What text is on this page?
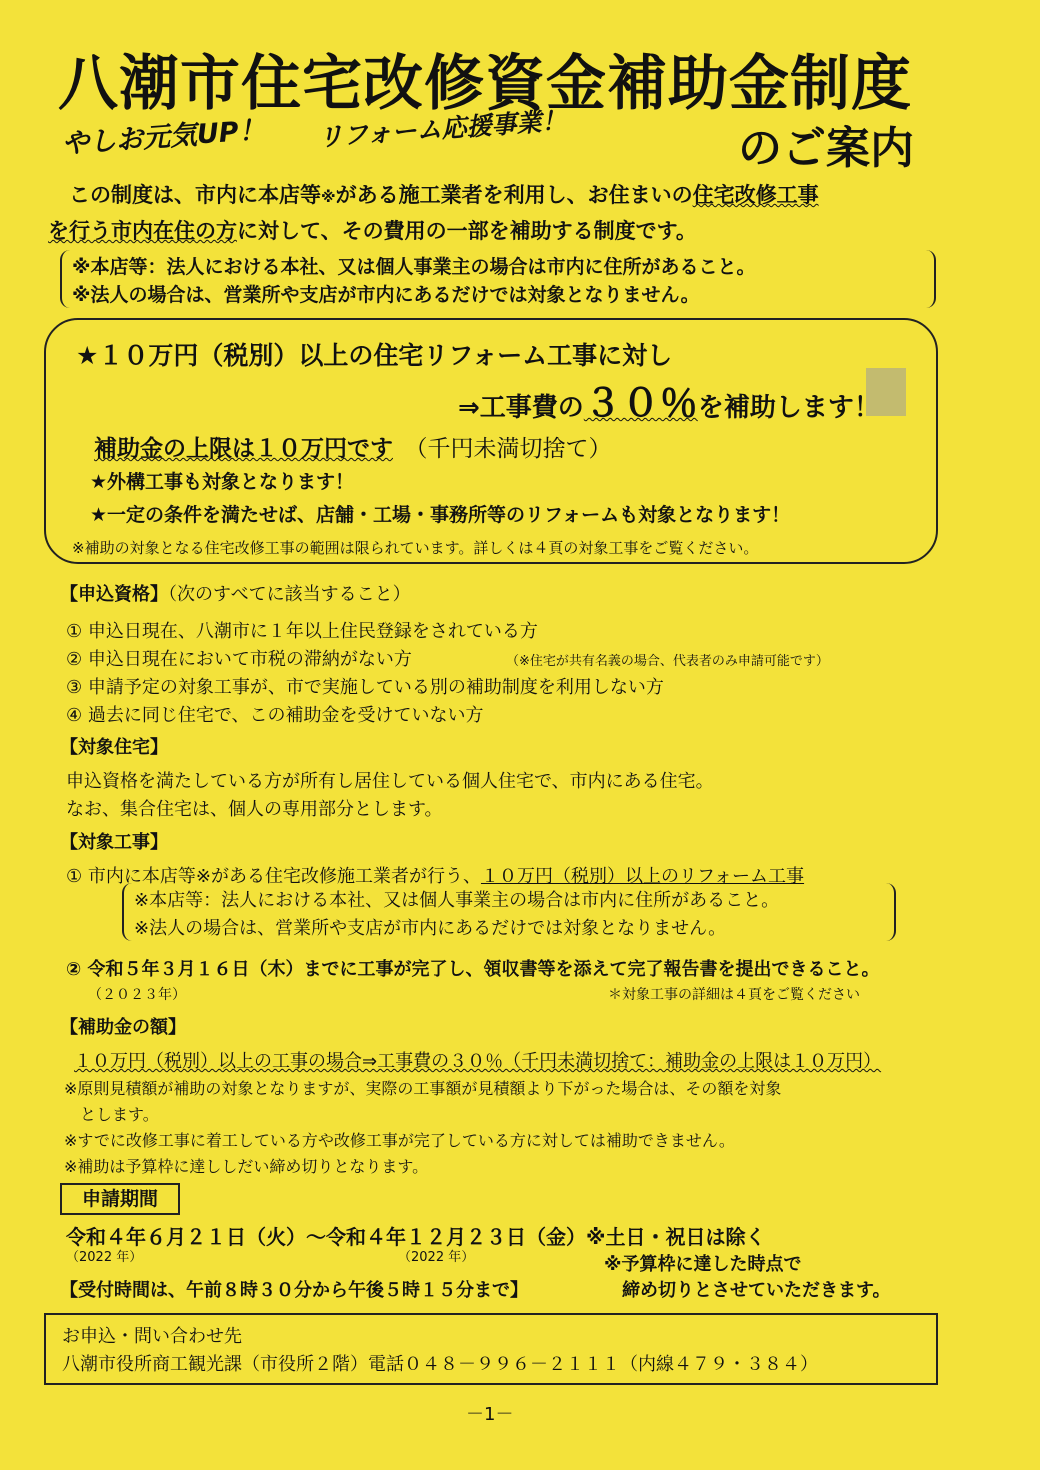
八潮市住宅改修資金補助金制度
やしお元気UP！ リフォーム応援事業！	のご案内
　この制度は、市内に本店等※がある施工業者を利用し、お住まいの住宅改修工事
を行う市内在住の方に対して、その費用の一部を補助する制度です。
※本店等：法人における本社、又は個人事業主の場合は市内に住所があること。
※法人の場合は、営業所や支店が市内にあるだけでは対象となりません。
★１０万円（税別）以上の住宅リフォーム工事に対し
⇒工事費の３０％を補助します！
補助金の上限は１０万円です　 （千円未満切捨て）
★外構工事も対象となります！
★一定の条件を満たせば、店舗・工場・事務所等のリフォームも対象となります！
※補助の対象となる住宅改修工事の範囲は限られています。詳しくは４頁の対象工事をご覧ください。
【申込資格】（次のすべてに該当すること）
① 申込日現在、八潮市に１年以上住民登録をされている方
② 申込日現在において市税の滞納がない方	（※住宅が共有名義の場合、代表者のみ申請可能です）
③ 申請予定の対象工事が、市で実施している別の補助制度を利用しない方
④ 過去に同じ住宅で、この補助金を受けていない方
【対象住宅】
申込資格を満たしている方が所有し居住している個人住宅で、市内にある住宅。
なお、集合住宅は、個人の専用部分とします。
【対象工事】
① 市内に本店等※がある住宅改修施工業者が行う、１０万円（税別）以上のリフォーム工事
※本店等：法人における本社、又は個人事業主の場合は市内に住所があること。
※法人の場合は、営業所や支店が市内にあるだけでは対象となりません。
② 令和５年３月１６日（木）までに工事が完了し、領収書等を添えて完了報告書を提出できること。
（２０２３年）	＊対象工事の詳細は４頁をご覧ください
【補助金の額】
１０万円（税別）以上の工事の場合⇒工事費の３０％（千円未満切捨て：補助金の上限は１０万円）
※原則見積額が補助の対象となりますが、実際の工事額が見積額より下がった場合は、その額を対象
　とします。
※すでに改修工事に着工している方や改修工事が完了している方に対しては補助できません。
※補助は予算枠に達ししだい締め切りとなります。
申請期間
令和４年６月２１日（火）～令和４年１２月２３日（金）※土日・祝日は除く
（2022 年）	（2022 年）	※予算枠に達した時点で
締め切りとさせていただきます。
【受付時間は、午前８時３０分から午後５時１５分まで】
お申込・問い合わせ先
八潮市役所商工観光課（市役所２階）電話０４８－９９６－２１１１（内線４７９・３８４）
－1－
